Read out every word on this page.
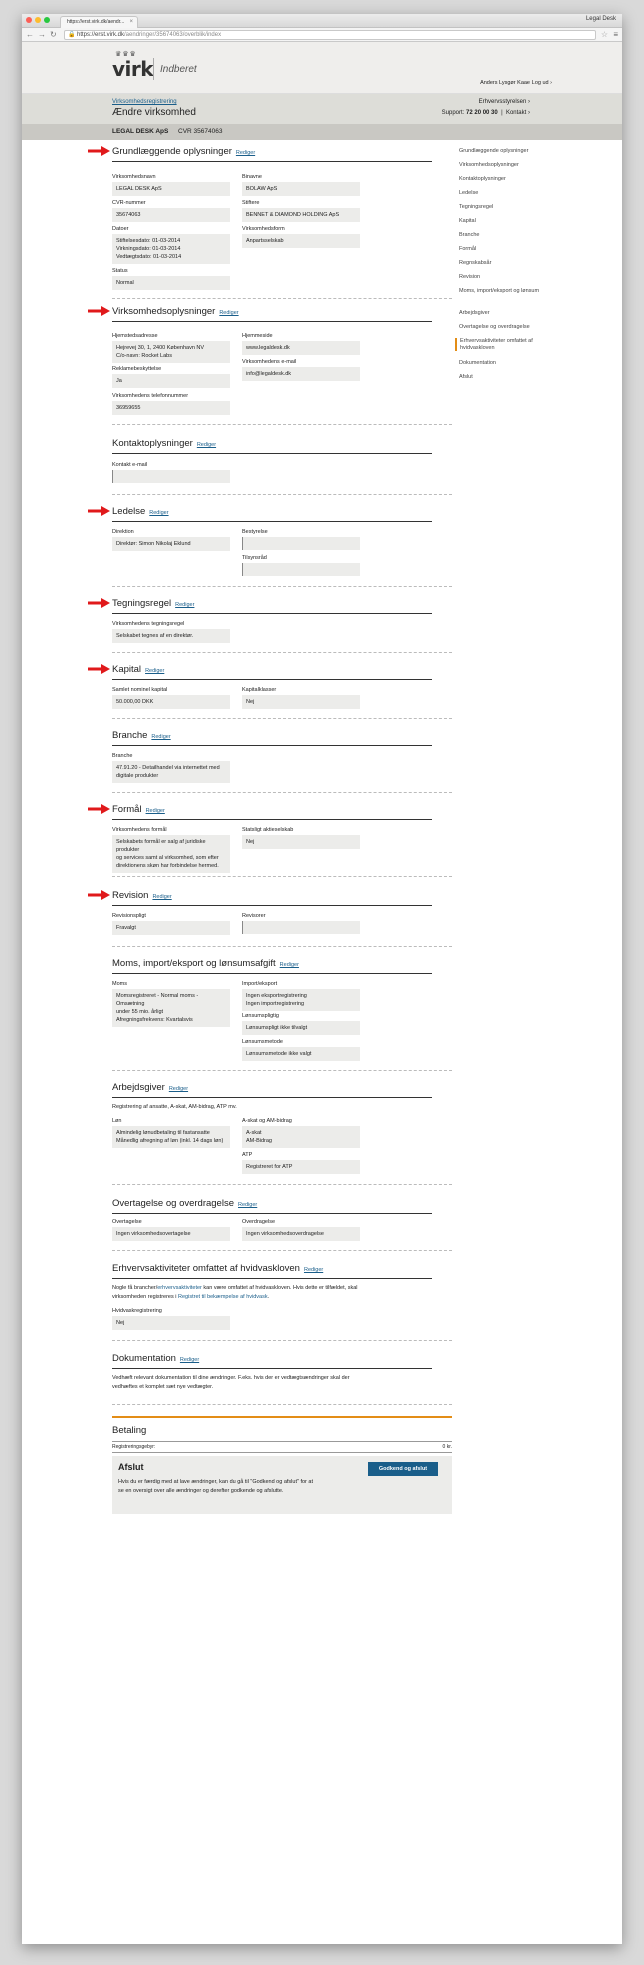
https://erst.virk.dk/aendr... ×	Legal Desk
← → ↻ 🔒 https://erst.virk.dk/aendringer/35674063/overblik/index	☆ ≡
♛♛♛
virk Indberet
Anders Lysgør Kaae Log ud ›
Virksomhedsregistrering
Ændre virksomhed
Erhvervsstyrelsen ›
Support: 72 20 00 30  |  Kontakt ›
LEGAL DESK ApS CVR 35674063
Grundlæggende oplysninger Rediger
Virksomhedsnavn
LEGAL DESK ApS
Binavne
BOLAW ApS
CVR-nummer
35674063
Stiftere
BENNET & DIAMOND HOLDING ApS
Datoer
Stiftelsesdato: 01-03-2014
Virkningsdato: 01-03-2014
Vedtægtsdato: 01-03-2014
Virksomhedsform
Anpartsselskab
Status
Normal
Virksomhedsoplysninger Rediger
Hjemstedsadresse
Hejrevej 30, 1, 2400 København NV
C/o-navn: Rocket Labs
Hjemmeside
www.legaldesk.dk
Virksomhedens e-mail
info@legaldesk.dk
Reklamebeskyttelse
Ja
Virksomhedens telefonnummer
36959655
Kontaktoplysninger Rediger
Kontakt e-mail
Ledelse Rediger
Direktion
Direktør: Simon Nikolaj Eklund
Bestyrelse
Tilsynsråd
Tegningsregel Rediger
Virksomhedens tegningsregel
Selskabet tegnes af en direktør.
Kapital Rediger
Samlet nominel kapital
50.000,00 DKK
Kapitalklasser
Nej
Branche Rediger
Branche
47.91.20 - Detailhandel via internettet med
digitale produkter
Formål Rediger
Virksomhedens formål
Selskabets formål er salg af juridiske produkter
og services samt al virksomhed, som efter
direktionens skøn har forbindelse hermed.
Statsligt aktieselskab
Nej
Revision Rediger
Revisionspligt
Fravalgt
Revisorer
Moms, import/eksport og lønsumsafgift Rediger
Moms
Momsregistreret - Normal moms - Omsætning
under 55 mio. årligt
Afregningsfrekvens: Kvartalsvis
Import/eksport
Ingen eksportregistrering
Ingen importregistrering
Lønsumspligtig
Lønsumspligt ikke tilvalgt
Lønsumsmetode
Lønsumsmetode ikke valgt
Arbejdsgiver Rediger
Registrering af ansatte, A-skat, AM-bidrag, ATP mv.
Løn
Almindelig lønudbetaling til fastansatte
Månedlig afregning af løn (inkl. 14 dags løn)
A-skat og AM-bidrag
A-skat
AM-Bidrag
ATP
Registreret for ATP
Overtagelse og overdragelse Rediger
Overtagelse
Ingen virksomhedsovertagelse
Overdragelse
Ingen virksomhedsoverdragelse
Erhvervsaktiviteter omfattet af hvidvaskloven Rediger
Nogle få brancher/erhvervsaktiviteter kan være omfattet af hvidvaskloven. Hvis dette er tilfældet, skal virksomheden registreres i Registret til bekæmpelse af hvidvask.
Hvidvaskregistrering
Nej
Dokumentation Rediger
Vedhæft relevant dokumentation til dine ændringer. F.eks. hvis der er vedtægtsændringer skal der vedhæftes et komplet sæt nye vedtægter.
Betaling
Registreringsgebyr:	0 kr.
Afslut
Hvis du er færdig med at lave ændringer, kan du gå til "Godkend og afslut" for at se en oversigt over alle ændringer og derefter godkende og afslutte.
Godkend og afslut
Grundlæggende oplysninger
Virksomhedsoplysninger
Kontaktoplysninger
Ledelse
Tegningsregel
Kapital
Branche
Formål
Regnskabsår
Revision
Moms, import/eksport og lønsum
Arbejdsgiver
Overtagelse og overdragelse
Erhvervsaktiviteter omfattet af hvidvaskloven
Dokumentation
Afslut
